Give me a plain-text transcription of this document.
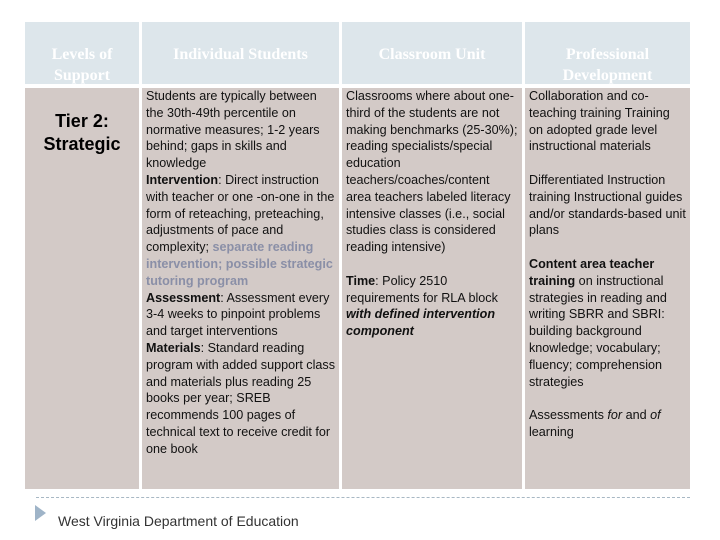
Levels of Support
Individual Students	Classroom Unit	Professional Development
Tier 2:
Strategic
Students are typically between the 30th-49th percentile on normative measures; 1-2 years behind; gaps in skills and knowledge
Intervention: Direct instruction with teacher or one -on-one in the form of reteaching, preteaching, adjustments of pace and complexity; separate reading intervention; possible strategic tutoring program
Assessment: Assessment every 3-4 weeks to pinpoint problems and target interventions
Materials: Standard reading program with added support class and materials plus reading 25 books per year; SREB recommends 100 pages of technical text to receive credit for one book
Classrooms where about one-third of the students are not making benchmarks (25-30%); reading specialists/special education teachers/coaches/content area teachers labeled literacy intensive classes (i.e., social studies class is considered reading intensive)
Time: Policy 2510 requirements for RLA block with defined intervention component
Collaboration and co-teaching training Training on adopted grade level instructional materials
Differentiated Instruction training Instructional guides and/or standards-based unit plans
Content area teacher training on instructional strategies in reading and writing SBRR and SBRI: building background knowledge; vocabulary; fluency; comprehension strategies
Assessments for and of learning
West Virginia Department of Education
